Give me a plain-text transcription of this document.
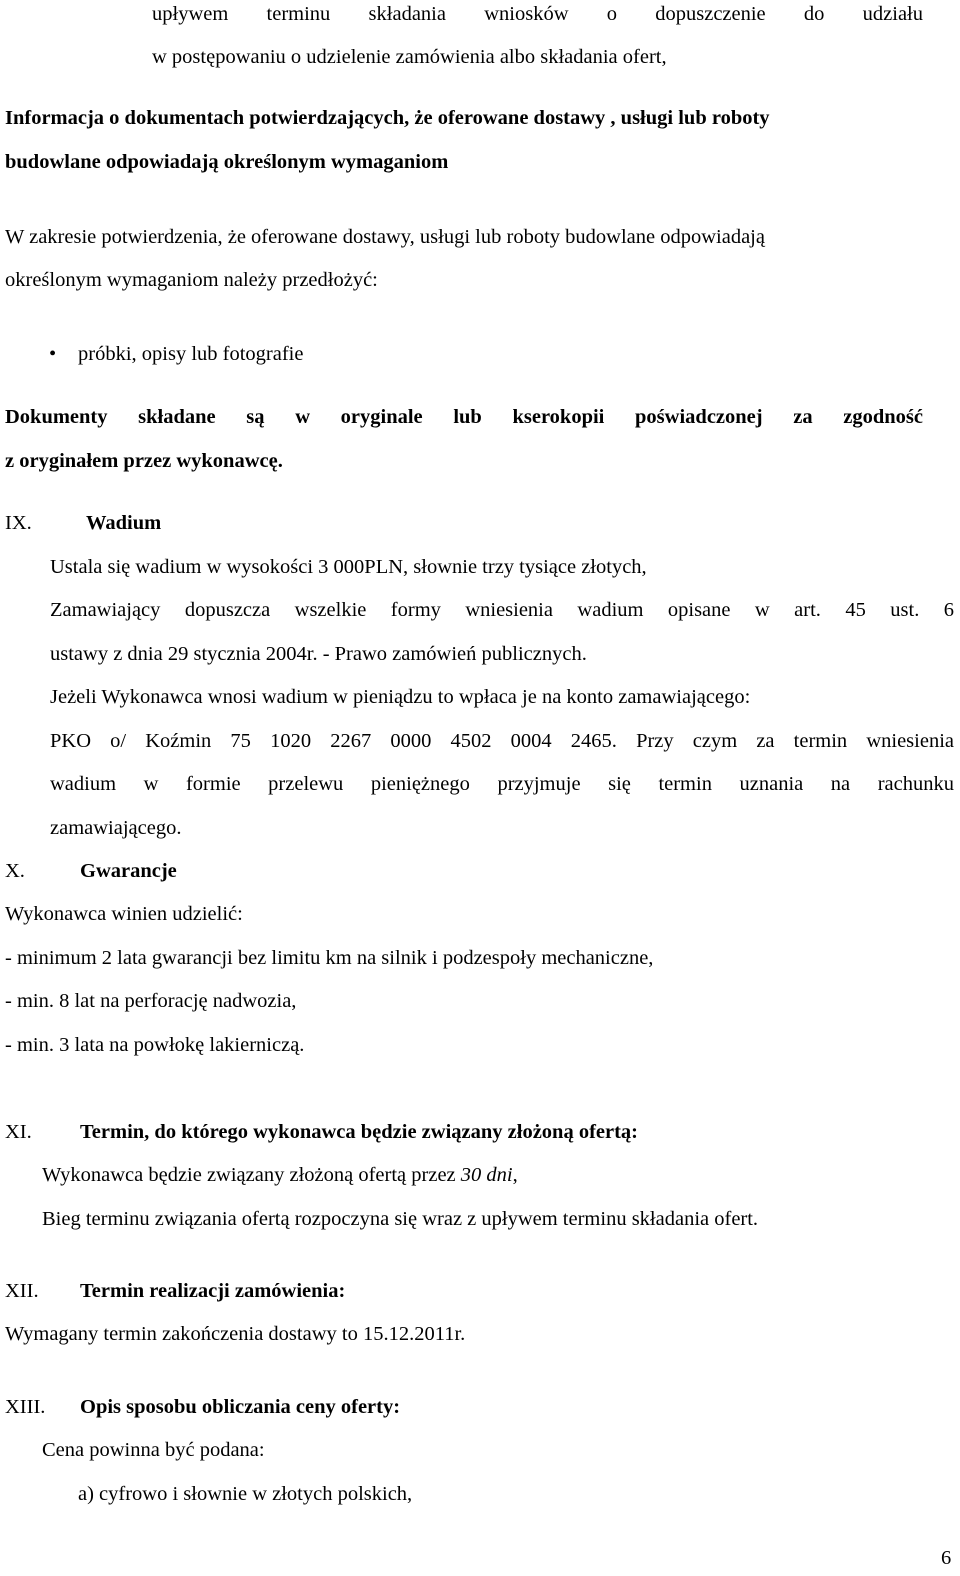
upływem terminu składania wniosków o dopuszczenie do udziału
w postępowaniu o udzielenie zamówienia albo składania ofert,
Informacja o dokumentach potwierdzających, że oferowane dostawy , usługi lub roboty
budowlane odpowiadają określonym wymaganiom
W zakresie potwierdzenia, że oferowane dostawy, usługi lub roboty budowlane odpowiadają
określonym wymaganiom należy przedłożyć:
• próbki, opisy lub fotografie
Dokumenty składane są w oryginale lub kserokopii poświadczonej za zgodność
z oryginałem przez wykonawcę.
IX.	Wadium
Ustala się wadium w wysokości 3 000PLN, słownie trzy tysiące złotych,
Zamawiający dopuszcza wszelkie formy wniesienia wadium opisane w art. 45 ust. 6
ustawy z dnia 29 stycznia 2004r. - Prawo zamówień publicznych.
Jeżeli Wykonawca wnosi wadium w pieniądzu to wpłaca je na konto zamawiającego:
PKO o/ Koźmin 75 1020 2267 0000 4502 0004 2465. Przy czym za termin wniesienia
wadium w formie przelewu pieniężnego przyjmuje się termin uznania na rachunku
zamawiającego.
X.	Gwarancje
Wykonawca winien udzielić:
- minimum 2 lata gwarancji bez limitu km na silnik i podzespoły mechaniczne,
- min. 8 lat na perforację nadwozia,
- min. 3 lata na powłokę lakierniczą.
XI. Termin, do którego wykonawca będzie związany złożoną ofertą:
Wykonawca będzie związany złożoną ofertą przez 30 dni,
Bieg terminu związania ofertą rozpoczyna się wraz z upływem terminu składania ofert.
XII. Termin realizacji zamówienia:
Wymagany termin zakończenia dostawy to 15.12.2011r.
XIII. Opis sposobu obliczania ceny oferty:
Cena powinna być podana:
a) cyfrowo i słownie w złotych polskich,
6
